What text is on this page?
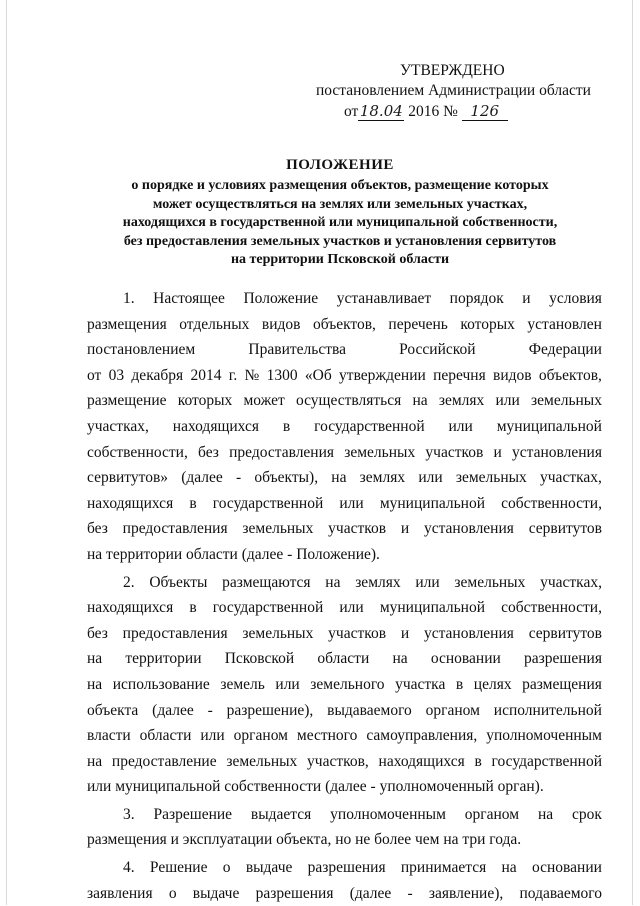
УТВЕРЖДЕНО
постановлением Администрации области
от 18.04 2016 № 126
ПОЛОЖЕНИЕ
о порядке и условиях размещения объектов, размещение которых
может осуществляться на землях или земельных участках,
находящихся в государственной или муниципальной собственности,
без предоставления земельных участков и установления сервитутов
на территории Псковской области
1. Настоящее Положение устанавливает порядок и условия
размещения отдельных видов объектов, перечень которых установлен
постановлением	Правительства	Российской	Федерации
от 03 декабря 2014 г. № 1300 «Об утверждении перечня видов объектов,
размещение которых может осуществляться на землях или земельных
участках, находящихся в государственной или муниципальной
собственности, без предоставления земельных участков и установления
сервитутов» (далее - объекты), на землях или земельных участках,
находящихся в государственной или муниципальной собственности,
без предоставления земельных участков и установления сервитутов
на территории области (далее - Положение).
2. Объекты размещаются на землях или земельных участках,
находящихся в государственной или муниципальной собственности,
без предоставления земельных участков и установления сервитутов
на территории Псковской области на основании разрешения
на использование земель или земельного участка в целях размещения
объекта (далее - разрешение), выдаваемого органом исполнительной
власти области или органом местного самоуправления, уполномоченным
на предоставление земельных участков, находящихся в государственной
или муниципальной собственности (далее - уполномоченный орган).
3. Разрешение выдается уполномоченным органом на срок
размещения и эксплуатации объекта, но не более чем на три года.
4. Решение о выдаче разрешения принимается на основании
заявления о выдаче разрешения (далее - заявление), подаваемого
